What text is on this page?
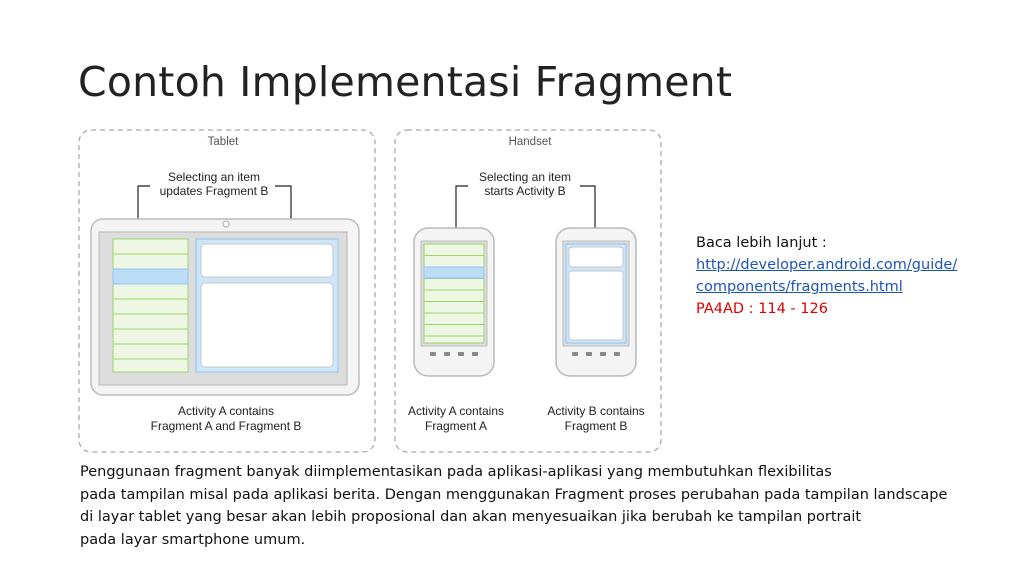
Contoh Implementasi Fragment
Tablet
Selecting an item
updates Fragment B
Activity A contains
Fragment A and Fragment B
Handset
Selecting an item
starts Activity B
Activity A contains
Fragment A
Activity B contains
Fragment B
Baca lebih lanjut :
http://developer.android.com/guide/
components/fragments.html
PA4AD : 114 - 126
Penggunaan fragment banyak diimplementasikan pada aplikasi-aplikasi yang membutuhkan flexibilitas
pada tampilan misal pada aplikasi berita. Dengan menggunakan Fragment proses perubahan pada tampilan landscape
di layar tablet yang besar akan lebih proposional dan akan menyesuaikan jika berubah ke tampilan portrait
pada layar smartphone umum.
